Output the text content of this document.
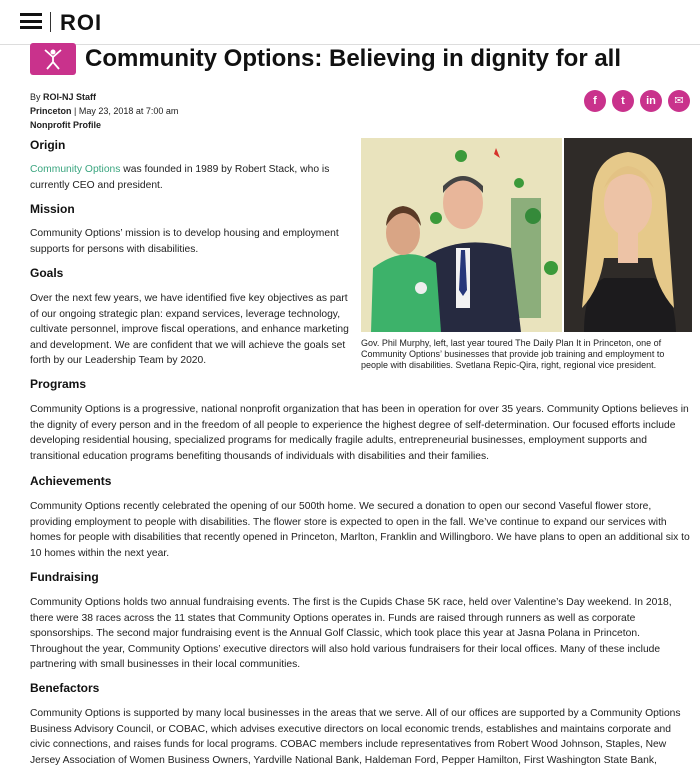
ROI
Community Options: Believing in dignity for all
By ROI-NJ Staff
Princeton | May 23, 2018 at 7:00 am
Nonprofit Profile
f	t	in	✉
Origin

Community Options was founded in 1989 by Robert Stack, who is currently CEO and president.

Mission

Community Options’ mission is to develop housing and employment supports for persons with disabilities.

Goals

Over the next few years, we have identified five key objectives as part of our ongoing strategic plan: expand services, leverage technology, cultivate personnel, improve fiscal operations, and enhance marketing and development. We are confident that we will achieve the goals set forth by our Leadership Team by 2020.

Gov. Phil Murphy, left, last year toured The Daily Plan It in Princeton, one of Community Options’ businesses that provide job training and employment to people with disabilities. Svetlana Repic-Qira, right, regional vice president.

Programs

Community Options is a progressive, national nonprofit organization that has been in operation for over 35 years. Community Options believes in the dignity of every person and in the freedom of all people to experience the highest degree of self-determination. Our focused efforts include developing residential housing, specialized programs for medically fragile adults, entrepreneurial businesses, employment supports and transitional education programs benefiting thousands of individuals with disabilities and their families.

Achievements

Community Options recently celebrated the opening of our 500th home. We secured a donation to open our second Vaseful flower store, providing employment to people with disabilities. The flower store is expected to open in the fall. We’ve continue to expand our services with homes for people with disabilities that recently opened in Princeton, Marlton, Franklin and Willingboro. We have plans to open an additional six to 10 homes within the next year.

Fundraising

Community Options holds two annual fundraising events. The first is the Cupids Chase 5K race, held over Valentine’s Day weekend. In 2018, there were 38 races across the 11 states that Community Options operates in. Funds are raised through runners as well as corporate sponsorships. The second major fundraising event is the Annual Golf Classic, which took place this year at Jasna Polana in Princeton. Throughout the year, Community Options’ executive directors will also hold various fundraisers for their local offices. Many of these include partnering with small businesses in their local communities.

Benefactors

Community Options is supported by many local businesses in the areas that we serve. All of our offices are supported by a Community Options Business Advisory Council, or COBAC, which advises executive directors on local economic trends, establishes and maintains corporate and civic connections, and raises funds for local programs. COBAC members include representatives from Robert Wood Johnson, Staples, New Jersey Association of Women Business Owners, Yardville National Bank, Haldeman Ford, Pepper Hamilton, First Washington State Bank,
